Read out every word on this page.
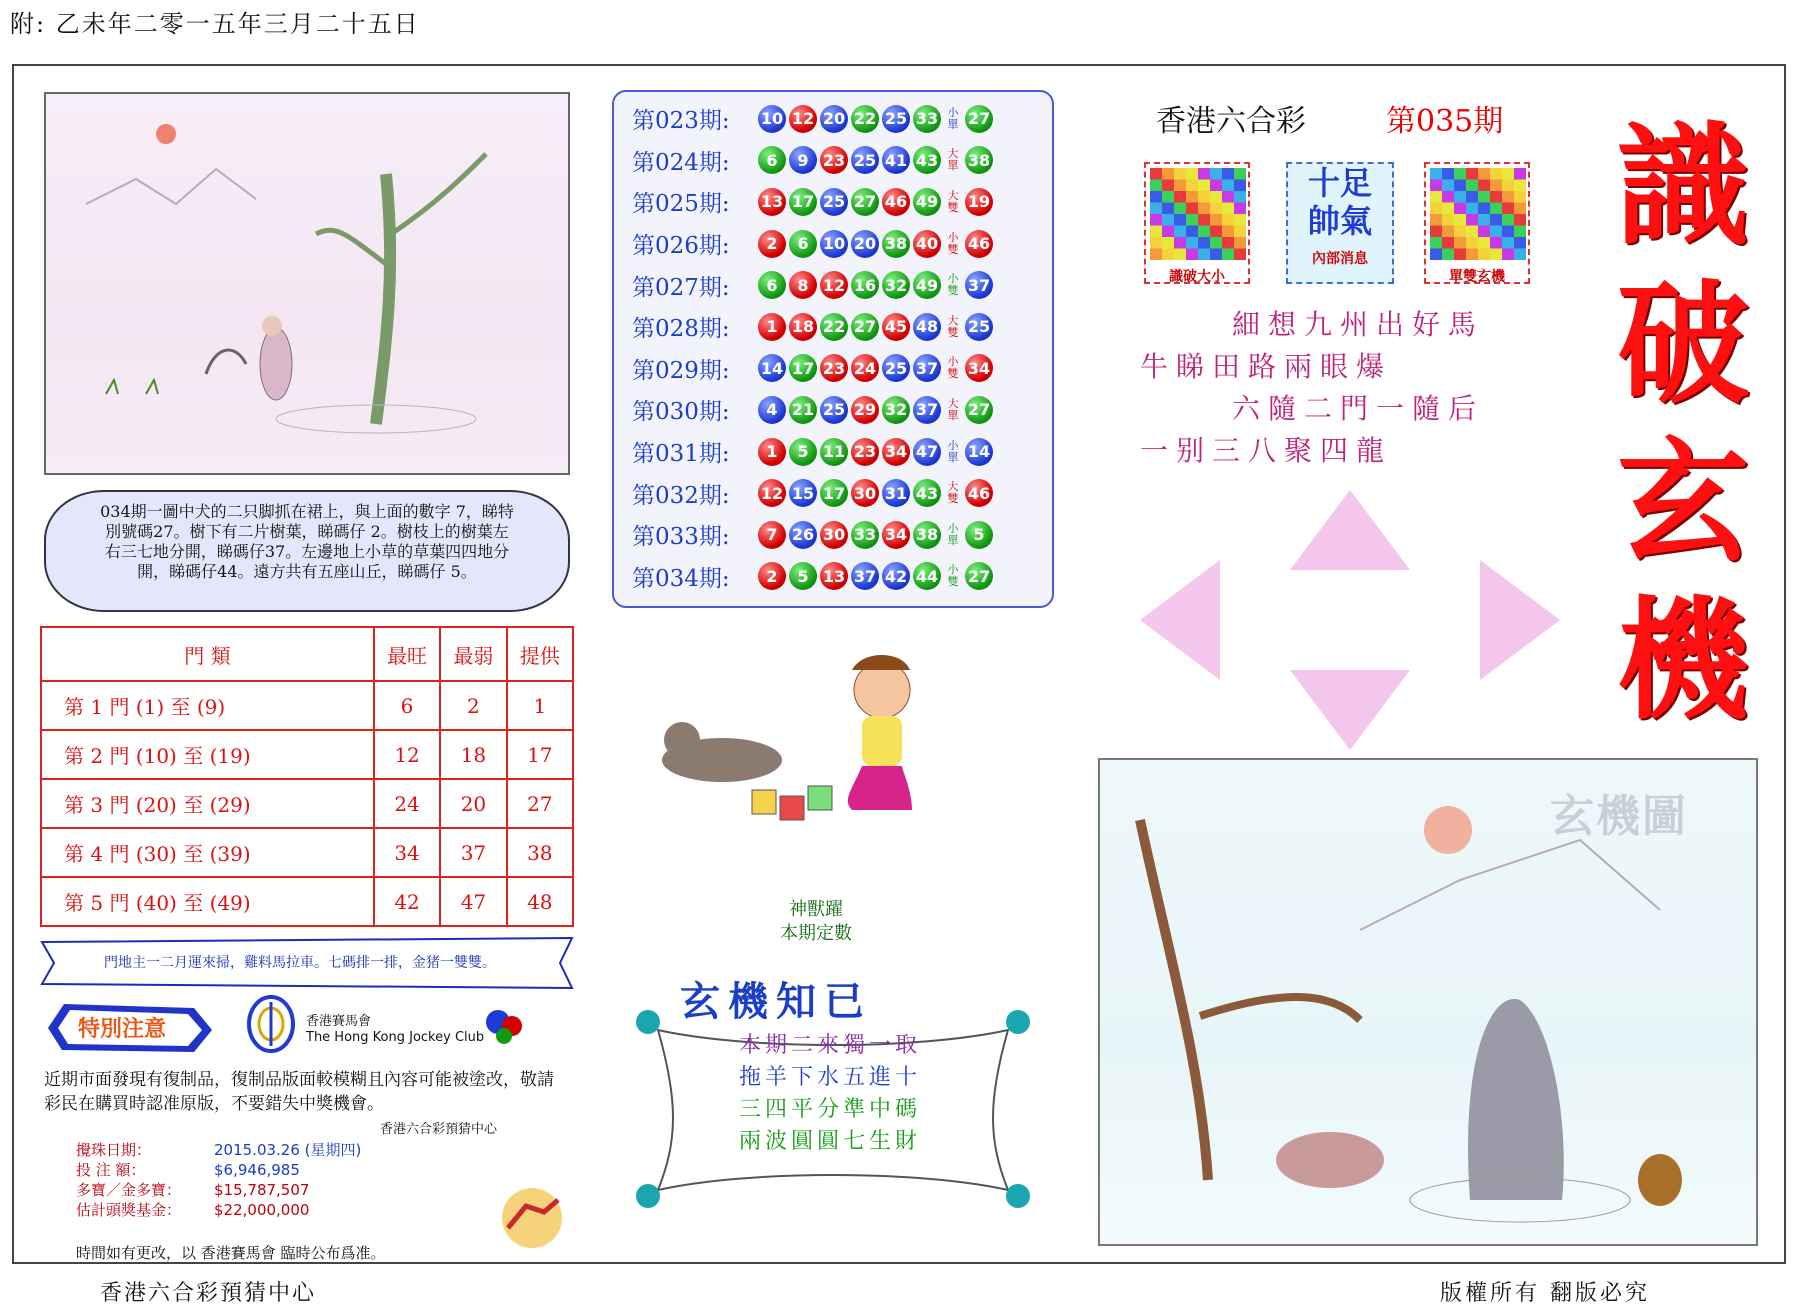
附: 乙未年二零一五年三月二十五日
034期一圖中犬的二只脚抓在裙上，與上面的數字 7，睇特別號碼27。樹下有二片樹葉，睇碼仔 2。樹枝上的樹葉左右三七地分開，睇碼仔37。左邊地上小草的草葉四四地分開，睇碼仔44。遠方共有五座山丘，睇碼仔 5。
門 類	最旺	最弱	提供
第 1 門 (1) 至 (9)	6	2	1
第 2 門 (10) 至 (19)	12	18	17
第 3 門 (20) 至 (29)	24	20	27
第 4 門 (30) 至 (39)	34	37	38
第 5 門 (40) 至 (49)	42	47	48
門地主一二月運來掃，雞料馬拉車。七碼排一排，金猪一雙雙。
特別注意	香港賽馬會
The Hong Kong Jockey Club
近期市面發現有復制品，復制品版面較模糊且內容可能被塗改，敬請彩民在購買時認准原版，不要錯失中獎機會。
香港六合彩預猜中心
攪珠日期：	2015.03.26 (星期四)
投 注 額：	$6,946,985
多寶／金多寶： $15,787,507
估計頭獎基金： $22,000,000
時間如有更改，以 香港賽馬會 臨時公布爲准。
第023期:	10 12 20 22 25 33 小單 27
第024期:	6	9 23 25 41 43 大單 38
第025期:	13 17 25 27 46 49 大雙 19
第026期:	2	6 10 20 38 40 小雙 46
第027期:	6	8 12 16 32 49 小雙 37
第028期:	1 18 22 27 45 48 大雙 25
第029期:	14 17 23 24 25 37 小雙 34
第030期:	4 21 25 29 32 37 大單 27
第031期:	1	5 11 23 34 47 小單 14
第032期:	12 15 17 30 31 43 大雙 46
第033期:	7 26 30 33 34 38 小單 5
第034期:	2	5 13 37 42 44 小雙 27
神獸躍
本期定數
玄機知已
本期二來獨一取
拖羊下水五進十
三四平分準中碼
兩波圓圓七生財
香港六合彩	第035期
識破大小
十足
帥氣
內部消息
單雙玄機
細想九州出好馬
牛睇田路兩眼爆
六隨二門一隨后
一别三八聚四龍
識
破
玄
機
玄機圖
香港六合彩預猜中心	版權所有 翻版必究
